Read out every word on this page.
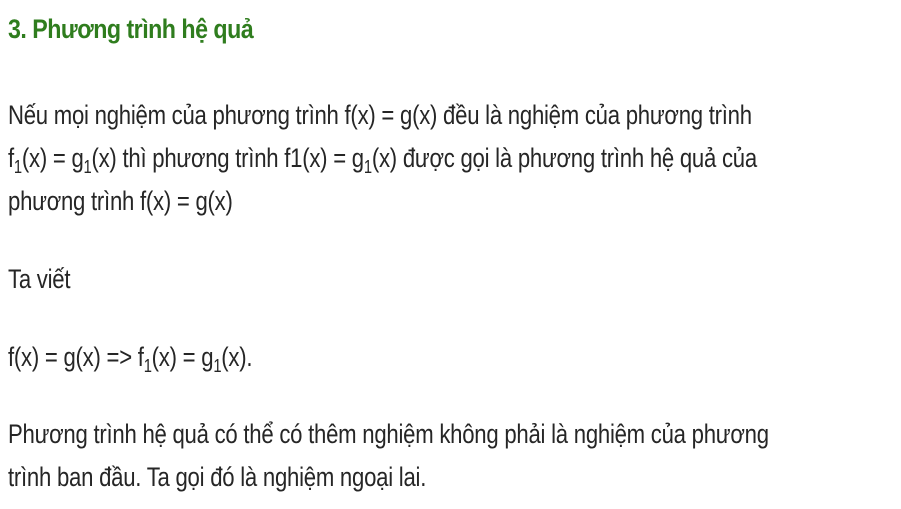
3. Phương trình hệ quả

Nếu mọi nghiệm của phương trình f(x) = g(x) đều là nghiệm của phương trình
$f_1(x) = g_1(x)$ thì phương trình $f1(x) = g_1(x)$ được gọi là phương trình hệ quả của
phương trình f(x) = g(x)

Ta viết

$f(x) = g(x) => f_1(x) = g_1(x)$.

Phương trình hệ quả có thể có thêm nghiệm không phải là nghiệm của phương
trình ban đầu. Ta gọi đó là nghiệm ngoại lai.
